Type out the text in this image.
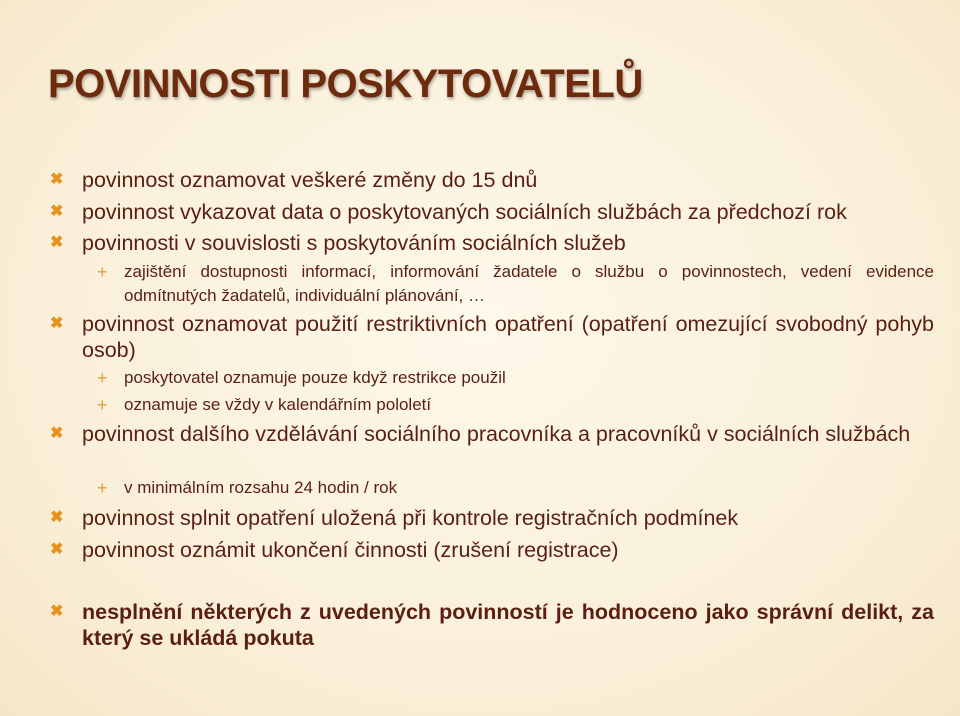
POVINNOSTI POSKYTOVATELŮ
✖ povinnost oznamovat veškeré změny do 15 dnů
✖ povinnost vykazovat data o poskytovaných sociálních službách za předchozí rok
✖ povinnosti v souvislosti s poskytováním sociálních služeb
+ zajištění dostupnosti informací, informování žadatele o službu o povinnostech, vedení evidence odmítnutých žadatelů, individuální plánování, …
✖ povinnost oznamovat použití restriktivních opatření (opatření omezující svobodný pohyb osob)
+ poskytovatel oznamuje pouze když restrikce použil
+ oznamuje se vždy v kalendářním pololetí
✖ povinnost dalšího vzdělávání sociálního pracovníka a pracovníků v sociálních službách
+ v minimálním rozsahu 24 hodin / rok
✖ povinnost splnit opatření uložená při kontrole registračních podmínek
✖ povinnost oznámit ukončení činnosti (zrušení registrace)
✖ nesplnění některých z uvedených povinností je hodnoceno jako správní delikt, za který se ukládá pokuta
